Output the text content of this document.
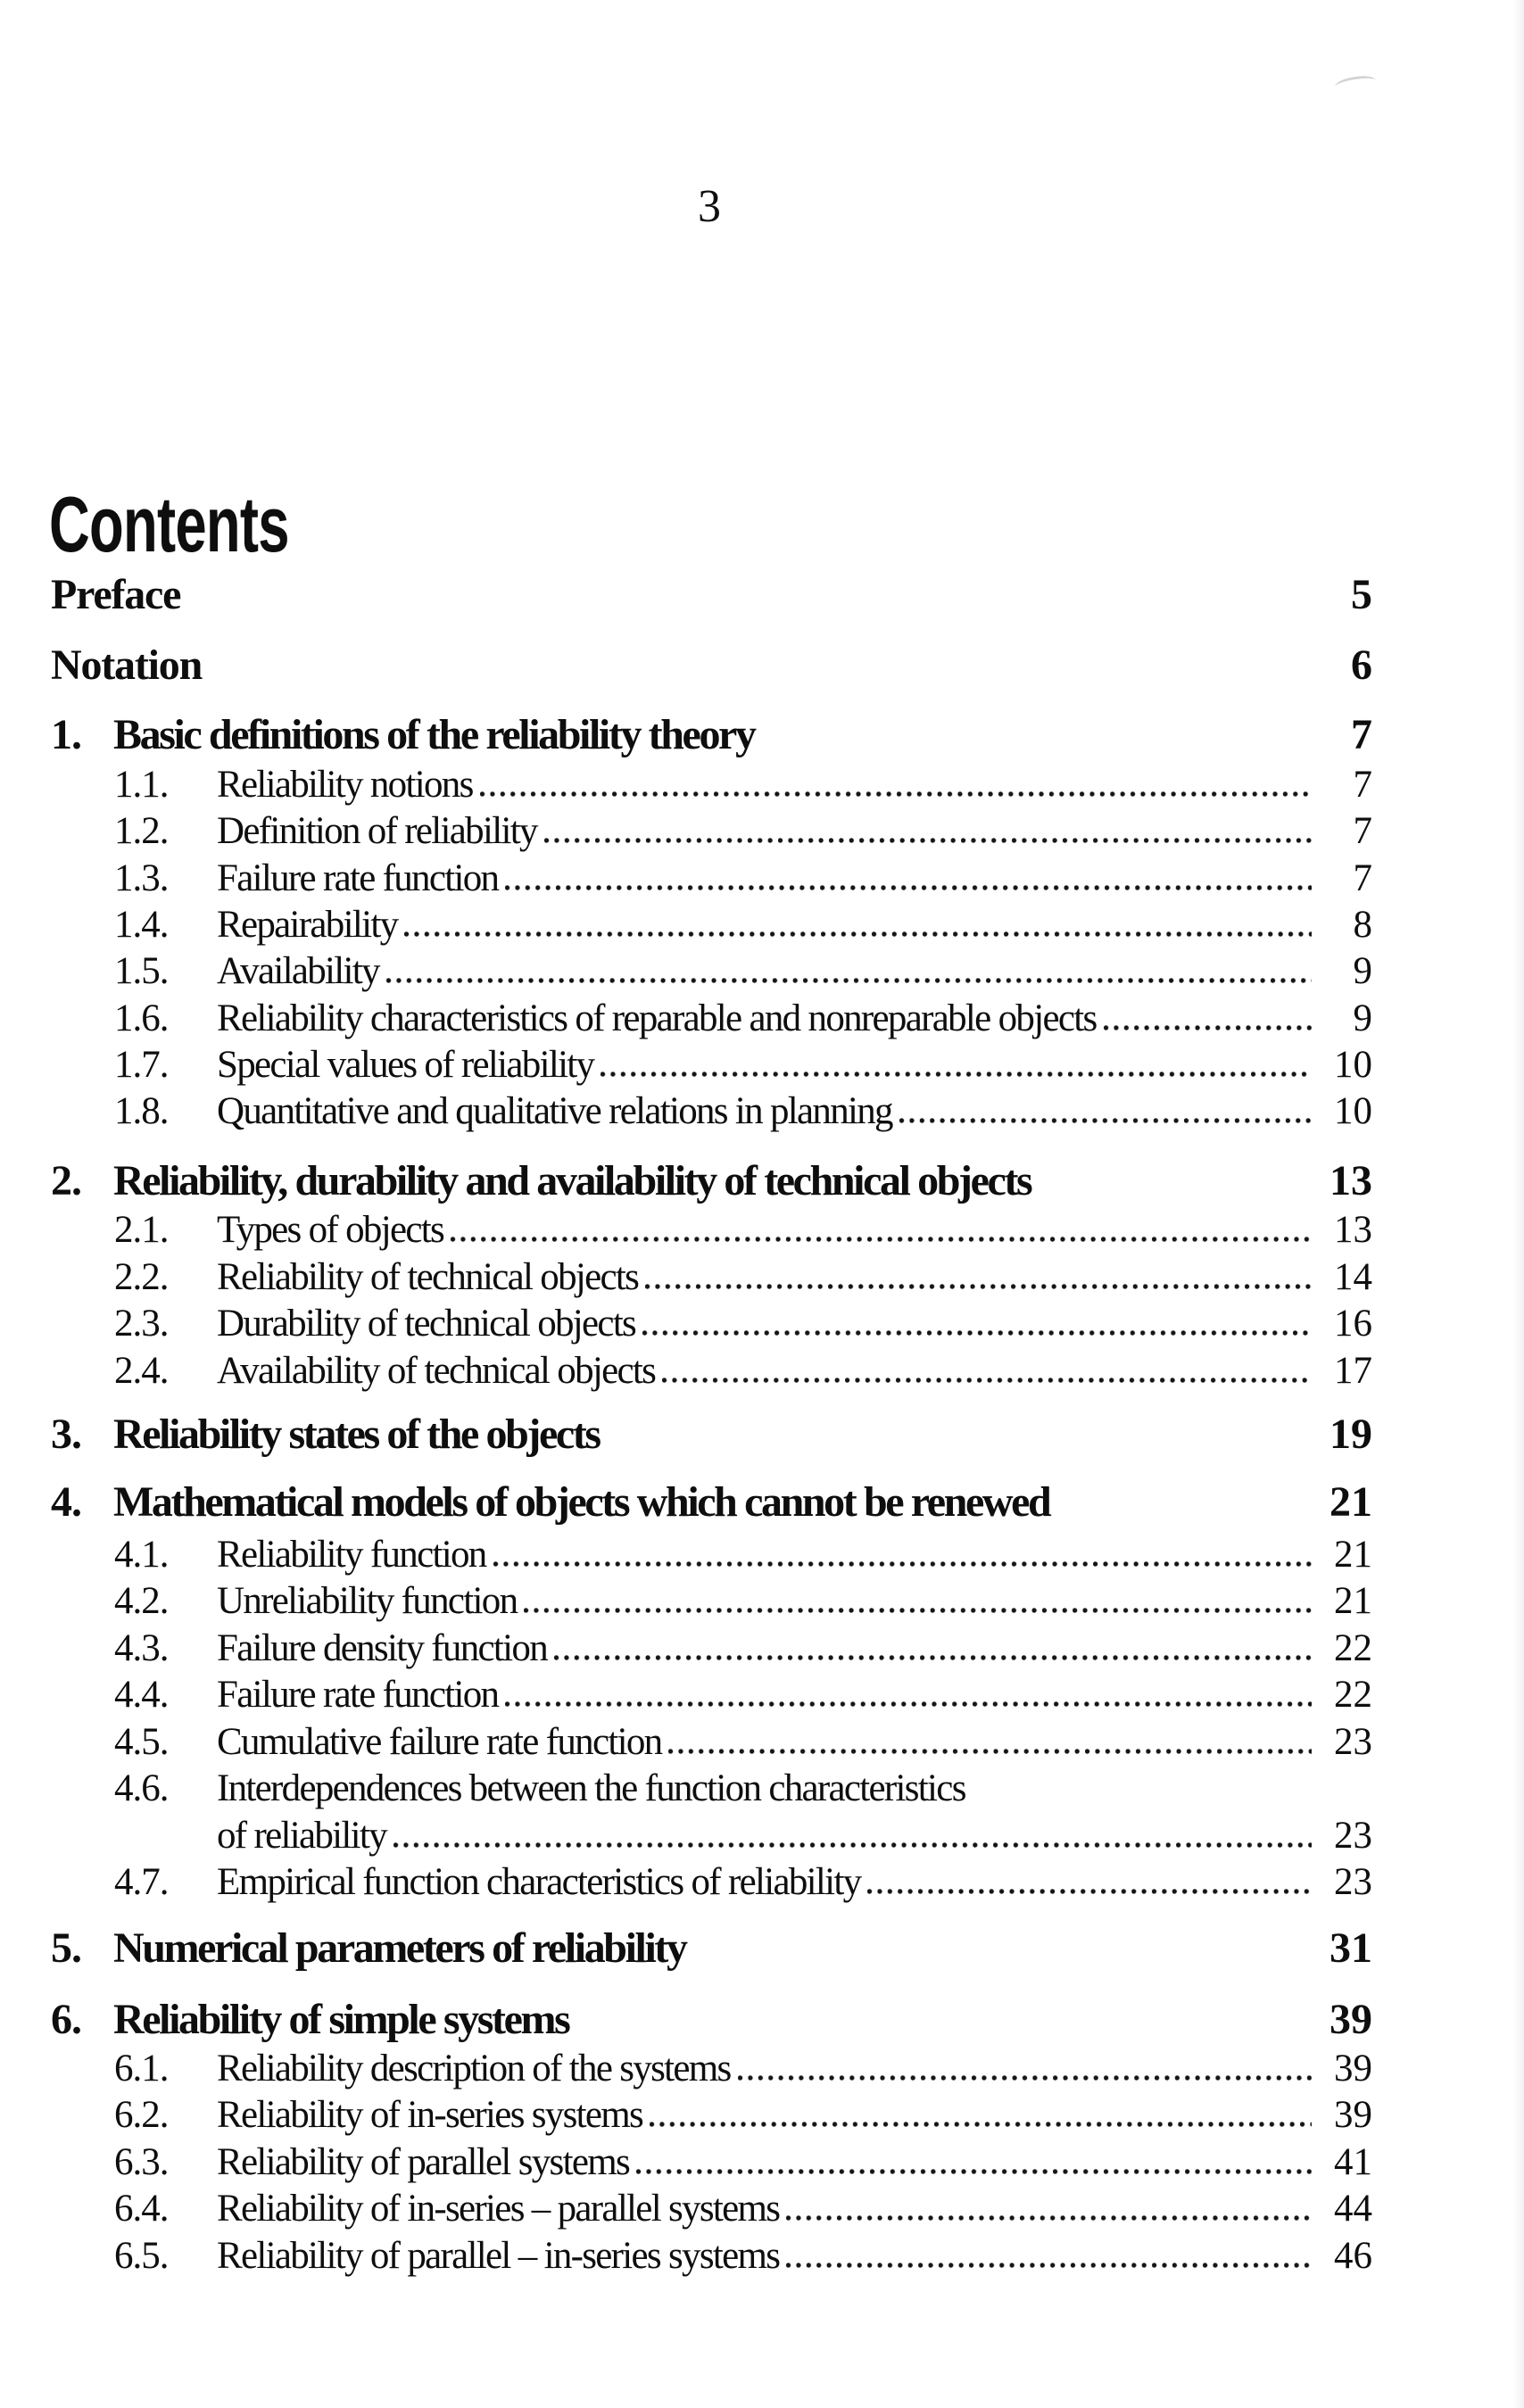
3
Contents
Preface	5
Notation	6
1. Basic definitions of the reliability theory	7
1.1.	Reliability notions	7
1.2.	Definition of reliability	7
1.3.	Failure rate function	7
1.4.	Repairability	8
1.5.	Availability	9
1.6.	Reliability characteristics of reparable and nonreparable objects	9
1.7.	Special values of reliability	10
1.8.	Quantitative and qualitative relations in planning	10
2. Reliability, durability and availability of technical objects	13
2.1.	Types of objects	13
2.2.	Reliability of technical objects	14
2.3.	Durability of technical objects	16
2.4.	Availability of technical objects	17
3. Reliability states of the objects	19
4. Mathematical models of objects which cannot be renewed	21
4.1.	Reliability function	21
4.2.	Unreliability function	21
4.3.	Failure density function	22
4.4.	Failure rate function	22
4.5.	Cumulative failure rate function	23
4.6.	Interdependences between the function characteristics
of reliability	23
4.7.	Empirical function characteristics of reliability	23
5. Numerical parameters of reliability	31
6. Reliability of simple systems	39
6.1.	Reliability description of the systems	39
6.2.	Reliability of in-series systems	39
6.3.	Reliability of parallel systems	41
6.4.	Reliability of in-series – parallel systems	44
6.5.	Reliability of parallel – in-series systems	46
